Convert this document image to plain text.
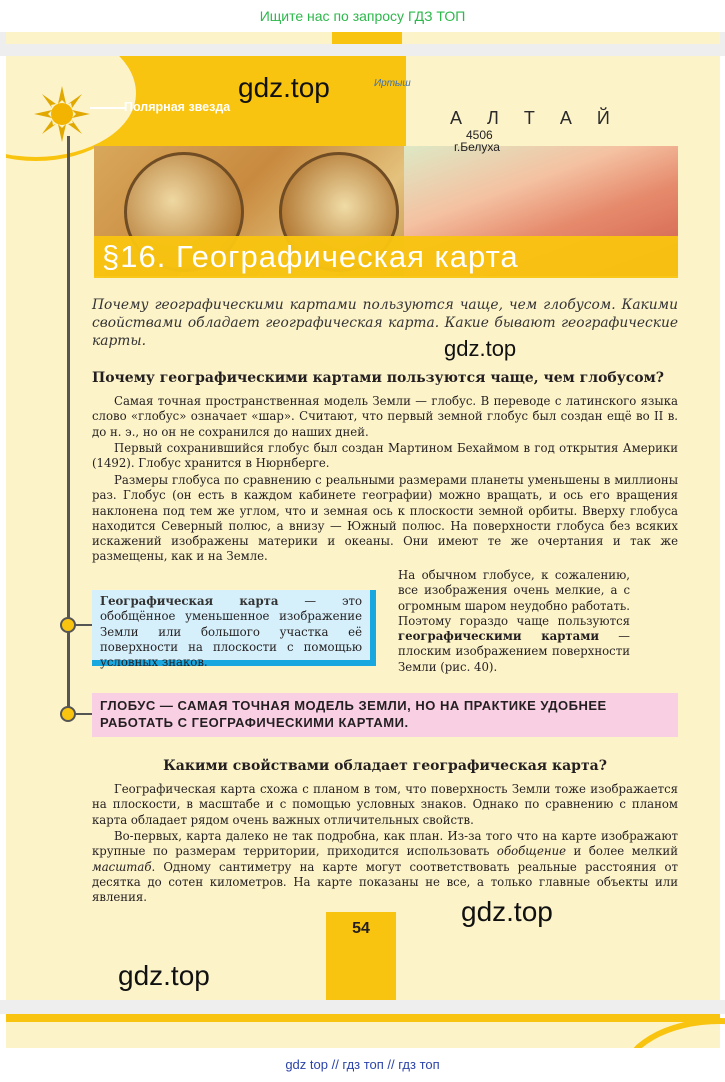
Ищите нас по запросу ГДЗ ТОП
Полярная звезда
Иртыш
А Л Т А Й
4506
г.Белуха
§16. Географическая карта
Почему географическими картами пользуются чаще, чем глобусом. Какими свойствами обладает географическая карта. Какие бывают географические карты.
Почему географическими картами пользуются чаще, чем глобусом?
Самая точная пространственная модель Земли — глобус. В переводе с латинского языка слово «глобус» означает «шар». Считают, что первый земной глобус был создан ещё во II в. до н. э., но он не сохранился до наших дней.
Первый сохранившийся глобус был создан Мартином Бехаймом в год открытия Америки (1492). Глобус хранится в Нюрнберге.
Размеры глобуса по сравнению с реальными размерами планеты уменьшены в миллионы раз. Глобус (он есть в каждом кабинете географии) можно вращать, и ось его вращения наклонена под тем же углом, что и земная ось к плоскости земной орбиты. Вверху глобуса находится Северный полюс, а внизу — Южный полюс. На поверхности глобуса без всяких искажений изображены материки и океаны. Они имеют те же очертания и так же размещены, как и на Земле.
Географическая карта — это обобщённое уменьшенное изображение Земли или большого участка её поверхности на плоскости с помощью условных знаков.
На обычном глобусе, к сожалению, все изображения очень мелкие, а с огромным шаром неудобно работать. Поэтому гораздо чаще пользуются географическими картами — плоским изображением поверхности Земли (рис. 40).
ГЛОБУС — САМАЯ ТОЧНАЯ МОДЕЛЬ ЗЕМЛИ, НО НА ПРАКТИКЕ УДОБНЕЕ РАБОТАТЬ С ГЕОГРАФИЧЕСКИМИ КАРТАМИ.
Какими свойствами обладает географическая карта?
Географическая карта схожа с планом в том, что поверхность Земли тоже изображается на плоскости, в масштабе и с помощью условных знаков. Однако по сравнению с планом карта обладает рядом очень важных отличительных свойств.
Во-первых, карта далеко не так подробна, как план. Из-за того что на карте изображают крупные по размерам территории, приходится использовать обобщение и более мелкий масштаб. Одному сантиметру на карте могут соответствовать реальные расстояния от десятка до сотен километров. На карте показаны не все, а только главные объекты или явления.
54
gdz.top
gdz.top
gdz.top
gdz.top
gdz top // гдз топ // гдз топ
